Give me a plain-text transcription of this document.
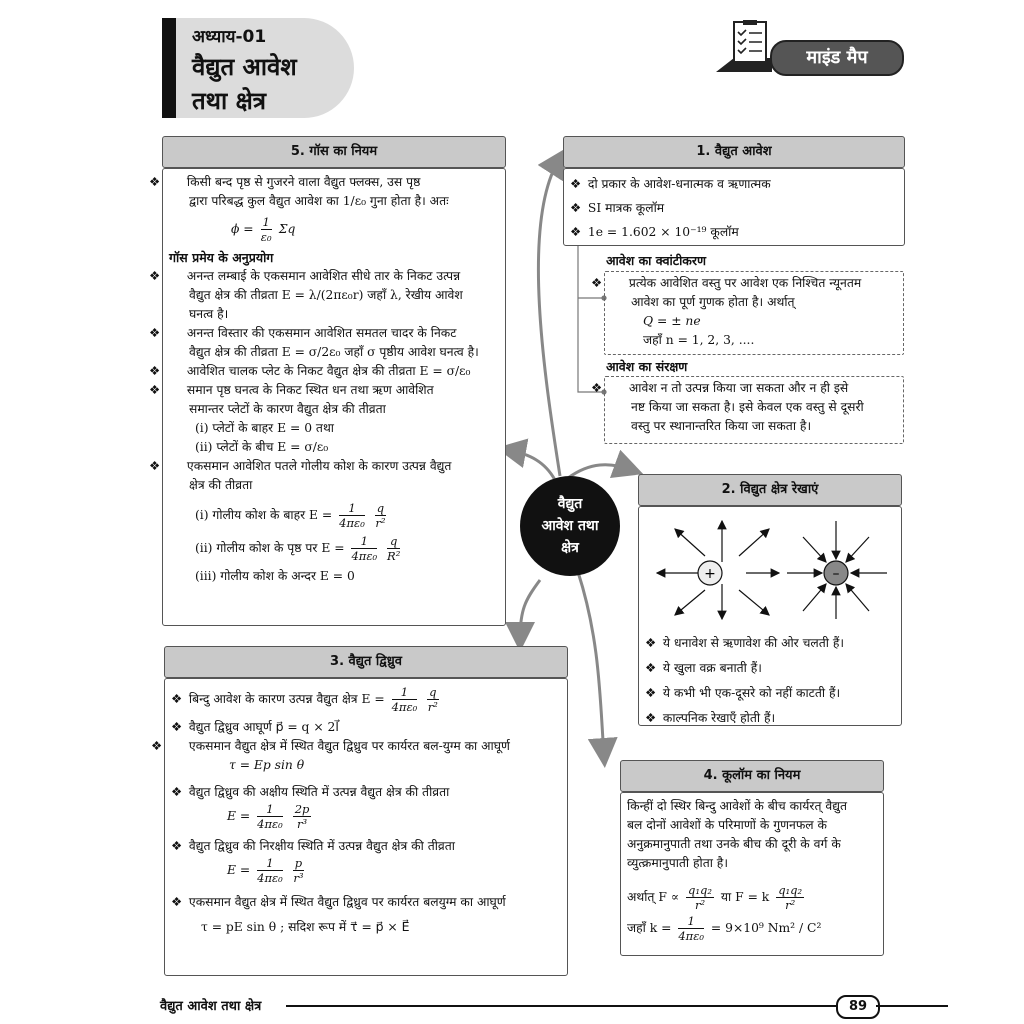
अध्याय-01
वैद्युत आवेश
तथा क्षेत्र
माइंड मैप
वैद्युत
आवेश तथा
क्षेत्र
5. गॉस का नियम

❖ किसी बन्द पृष्ठ से गुजरने वाला वैद्युत फ्लक्स, उस पृष्ठ
द्वारा परिबद्ध कुल वैद्युत आवेश का 1/ε₀ गुना होता है। अतः

$\phi = \frac{1}{\text{ε₀}}$ Σq

गॉस प्रमेय के अनुप्रयोग

❖ अनन्त लम्बाई के एकसमान आवेशित सीधे तार के निकट उत्पन्न
वैद्युत क्षेत्र की तीव्रता E = λ/(2πε₀r) जहाँ λ, रेखीय आवेश
घनत्व है।

❖ अनन्त विस्तार की एकसमान आवेशित समतल चादर के निकट
वैद्युत क्षेत्र की तीव्रता E = σ/2ε₀ जहाँ σ पृष्ठीय आवेश घनत्व है।

❖ आवेशित चालक प्लेट के निकट वैद्युत क्षेत्र की तीव्रता E = σ/ε₀

❖ समान पृष्ठ घनत्व के निकट स्थित धन तथा ऋण आवेशित
समान्तर प्लेटों के कारण वैद्युत क्षेत्र की तीव्रता

(i) प्लेटों के बाहर E = 0 तथा

(ii) प्लेटों के बीच E = σ/ε₀

❖ एकसमान आवेशित पतले गोलीय कोश के कारण उत्पन्न वैद्युत
क्षेत्र की तीव्रता

(i) गोलीय कोश के बाहर $E = \frac{1}{\text{4πε₀}}$
$\frac{q}{\text{r²}}$

(ii) गोलीय कोश के पृष्ठ पर $E = \frac{1}{\text{4πε₀}}$
$\frac{q}{\text{R²}}$

(iii) गोलीय कोश के अन्दर E = 0

1. वैद्युत आवेश

❖ दो प्रकार के आवेश-धनात्मक व ऋणात्मक

❖ SI मात्रक कूलॉम

❖ 1e = 1.602 × 10⁻¹⁹ कूलॉम

आवेश का क्वांटीकरण

❖ प्रत्येक आवेशित वस्तु पर आवेश एक निश्चित न्यूनतम
आवेश का पूर्ण गुणक होता है। अर्थात्

Q = ± ne

जहाँ n = 1, 2, 3, ....

आवेश का संरक्षण

❖ आवेश न तो उत्पन्न किया जा सकता और न ही इसे
नष्ट किया जा सकता है। इसे केवल एक वस्तु से दूसरी
वस्तु पर स्थानान्तरित किया जा सकता है।

2. विद्युत क्षेत्र रेखाएं
+	–

❖ ये धनावेश से ऋणावेश की ओर चलती हैं।

❖ ये खुला वक्र बनाती हैं।

❖ ये कभी भी एक-दूसरे को नहीं काटती हैं।

❖ काल्पनिक रेखाएँ होती हैं।

3. वैद्युत द्विध्रुव

❖ बिन्दु आवेश के कारण उत्पन्न वैद्युत क्षेत्र $E = \frac{1}{\text{4πε₀}}$
$\frac{q}{\text{r²}}$

❖ वैद्युत द्विध्रुव आघूर्ण p⃗ = q × 2l⃗

❖ एकसमान वैद्युत क्षेत्र में स्थित वैद्युत द्विध्रुव पर कार्यरत बल-युग्म का आघूर्ण

τ = Ep sin θ

❖ वैद्युत द्विध्रुव की अक्षीय स्थिति में उत्पन्न वैद्युत क्षेत्र की तीव्रता

$E = \frac{1}{\text{4πε₀}}$
$\frac{2p}{\text{r³}}$

❖ वैद्युत द्विध्रुव की निरक्षीय स्थिति में उत्पन्न वैद्युत क्षेत्र की तीव्रता

$E = \frac{1}{\text{4πε₀}}$
$\frac{p}{\text{r³}}$

❖ एकसमान वैद्युत क्षेत्र में स्थित वैद्युत द्विध्रुव पर कार्यरत बलयुग्म का आघूर्ण

τ = pE sin θ ; सदिश रूप में τ⃗ = p⃗ × E⃗

4. कूलॉम का नियम

किन्हीं दो स्थिर बिन्दु आवेशों के बीच कार्यरत् वैद्युत
बल दोनों आवेशों के परिमाणों के गुणनफल के
अनुक्रमानुपाती तथा उनके बीच की दूरी के वर्ग के
व्युत्क्रमानुपाती होता है।

अर्थात् $F \propto \frac{\text{q₁q₂}}{\text{r²}}$ या F = k $\frac{\text{q₁q₂}}{\text{r²}}$

जहाँ $k = \frac{1}{\text{4πε₀}} = 9\times 10^9$ Nm² / C²

वैद्युत आवेश तथा क्षेत्र	89
